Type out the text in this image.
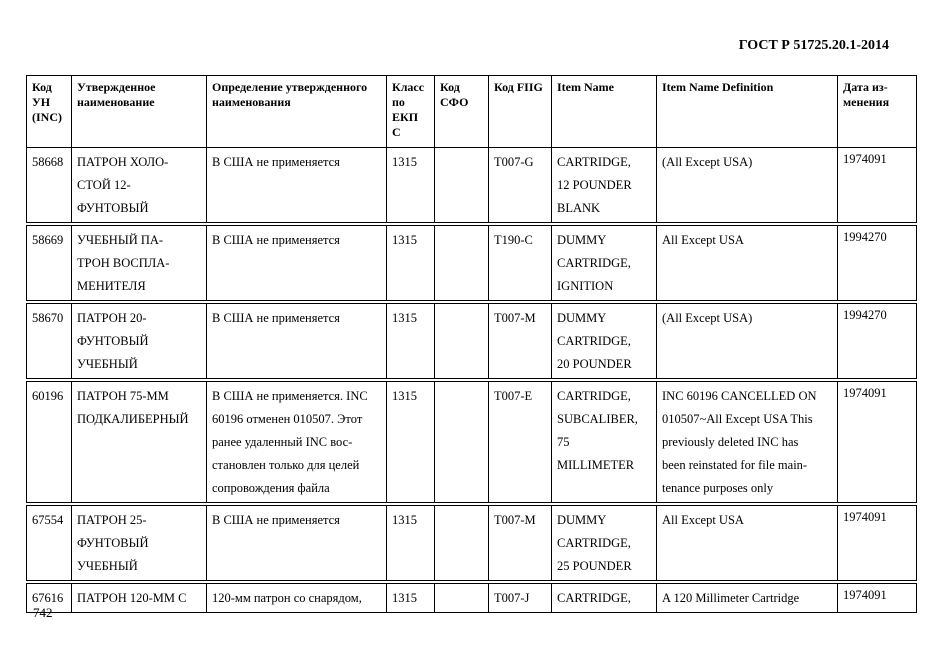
ГОСТ Р 51725.20.1-2014
Код УН (INC)	Утвержденное наименование	Определение утвержденного наименования	Класс по ЕКП С	Код СФО	Код FIIG	Item Name	Item Name Definition	Дата из-менения

58668	ПАТРОН ХОЛО-
СТОЙ 12-
ФУНТОВЫЙ	В США не применяется	1315		T007-G	CARTRIDGE,
12 POUNDER
BLANK	(All Except USA)	1974091

58669	УЧЕБНЫЙ ПА-
ТРОН ВОСПЛА-
МЕНИТЕЛЯ	В США не применяется	1315		T190-C	DUMMY
CARTRIDGE,
IGNITION	All Except USA	1994270

58670	ПАТРОН 20-
ФУНТОВЫЙ
УЧЕБНЫЙ	В США не применяется	1315		T007-M	DUMMY
CARTRIDGE,
20 POUNDER	(All Except USA)	1994270

60196	ПАТРОН 75-ММ
ПОДКАЛИБЕРНЫЙ	В США не применяется. INC
60196 отменен 010507. Этот
ранее удаленный INC вос-
становлен только для целей
сопровождения файла	1315		T007-E	CARTRIDGE,
SUBCALIBER,
75
MILLIMETER	INC 60196 CANCELLED ON
010507~All Except USA This
previously deleted INC has
been reinstated for file main-
tenance purposes only	1974091

67554	ПАТРОН 25-
ФУНТОВЫЙ
УЧЕБНЫЙ	В США не применяется	1315		T007-M	DUMMY
CARTRIDGE,
25 POUNDER	All Except USA	1974091

67616	ПАТРОН 120-ММ С	120-мм патрон со снарядом,	1315		T007-J	CARTRIDGE,	A 120 Millimeter Cartridge	1974091
742
